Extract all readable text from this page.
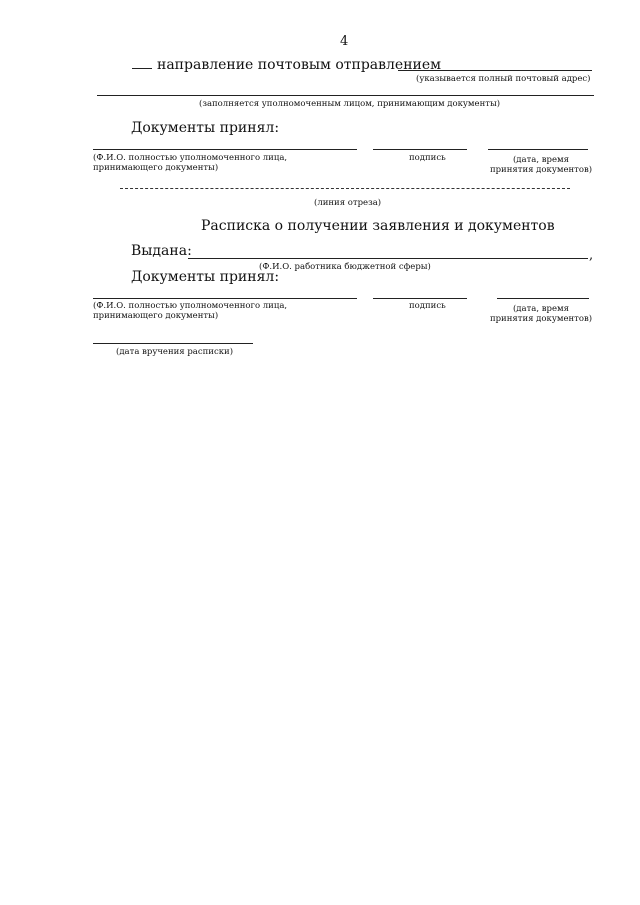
4
направление почтовым отправлением
(указывается полный почтовый адрес)
(заполняется уполномоченным лицом, принимающим документы)
Документы принял:
(Ф.И.О. полностью уполномоченного лица,
принимающего документы)
подпись	(дата, время
принятия документов)
(линия отреза)
Расписка о получении заявления и документов
Выдана:	,
(Ф.И.О. работника бюджетной сферы)
Документы принял:
(Ф.И.О. полностью уполномоченного лица,
принимающего документы)
подпись	(дата, время
принятия документов)
(дата вручения расписки)
